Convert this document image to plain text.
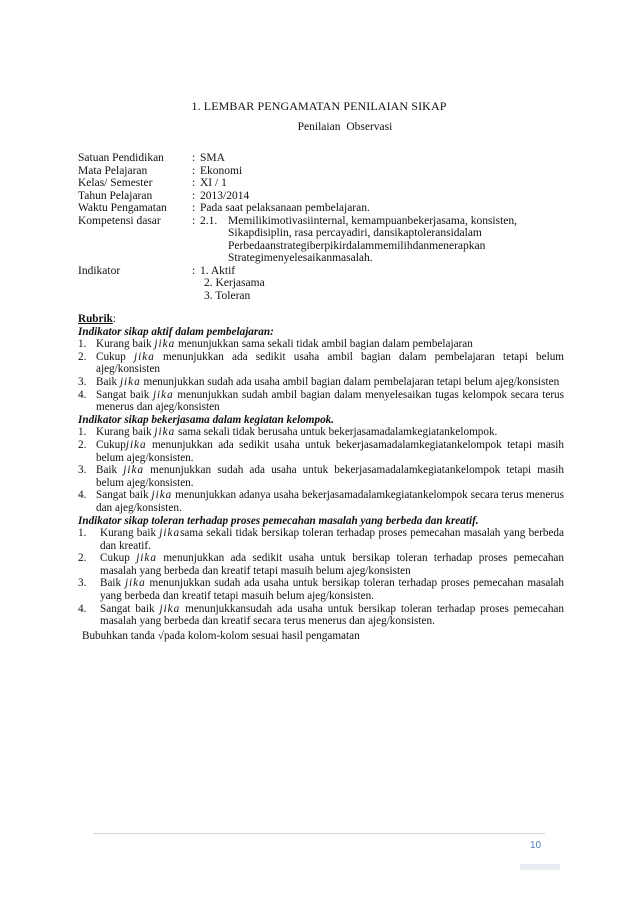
1. LEMBAR PENGAMATAN PENILAIAN SIKAP
Penilaian Observasi
Satuan Pendidikan	: SMA
Mata Pelajaran	: Ekonomi
Kelas/ Semester	: XI / 1
Tahun Pelajaran	: 2013/2014
Waktu Pengamatan	: Pada saat pelaksanaan pembelajaran.
Kompetensi dasar	: 2.1. Memilikimotivasiinternal, kemampuanbekerjasama, konsisten,
Sikapdisiplin, rasa percayadiri, dansikaptoleransidalam
Perbedaanstrategiberpikirdalammemilihdanmenerapkan
Strategimenyelesaikanmasalah.
Indikator	: 1. Aktif
2. Kerjasama
3. Toleran
Rubrik:
Indikator sikap aktif dalam pembelajaran:
1. Kurang baik jika menunjukkan sama sekali tidak ambil bagian dalam pembelajaran
2. Cukup jika menunjukkan ada sedikit usaha ambil bagian dalam pembelajaran tetapi belum ajeg/konsisten
3. Baik jika menunjukkan sudah ada usaha ambil bagian dalam pembelajaran tetapi belum ajeg/konsisten
4. Sangat baik jika menunjukkan sudah ambil bagian dalam menyelesaikan tugas kelompok secara terus menerus dan ajeg/konsisten
Indikator sikap bekerjasama dalam kegiatan kelompok.
1. Kurang baik jika sama sekali tidak berusaha untuk bekerjasamadalamkegiatankelompok.
2. Cukupjika menunjukkan ada sedikit usaha untuk bekerjasamadalamkegiatankelompok tetapi masih belum ajeg/konsisten.
3. Baik jika menunjukkan sudah ada usaha untuk bekerjasamadalamkegiatankelompok tetapi masih belum ajeg/konsisten.
4. Sangat baik jika menunjukkan adanya usaha bekerjasamadalamkegiatankelompok secara terus menerus dan ajeg/konsisten.
Indikator sikap toleran terhadap proses pemecahan masalah yang berbeda dan kreatif.
1.	Kurang baik jikasama sekali tidak bersikap toleran terhadap proses pemecahan masalah yang berbeda dan kreatif.
2.	Cukup jika menunjukkan ada sedikit usaha untuk bersikap toleran terhadap proses pemecahan masalah yang berbeda dan kreatif tetapi masuih belum ajeg/konsisten
3.	Baik jika menunjukkan sudah ada usaha untuk bersikap toleran terhadap proses pemecahan masalah yang berbeda dan kreatif tetapi masuih belum ajeg/konsisten.
4.	Sangat baik jika menunjukkansudah ada usaha untuk bersikap toleran terhadap proses pemecahan masalah yang berbeda dan kreatif secara terus menerus dan ajeg/konsisten.
Bubuhkan tanda √pada kolom-kolom sesuai hasil pengamatan
10
